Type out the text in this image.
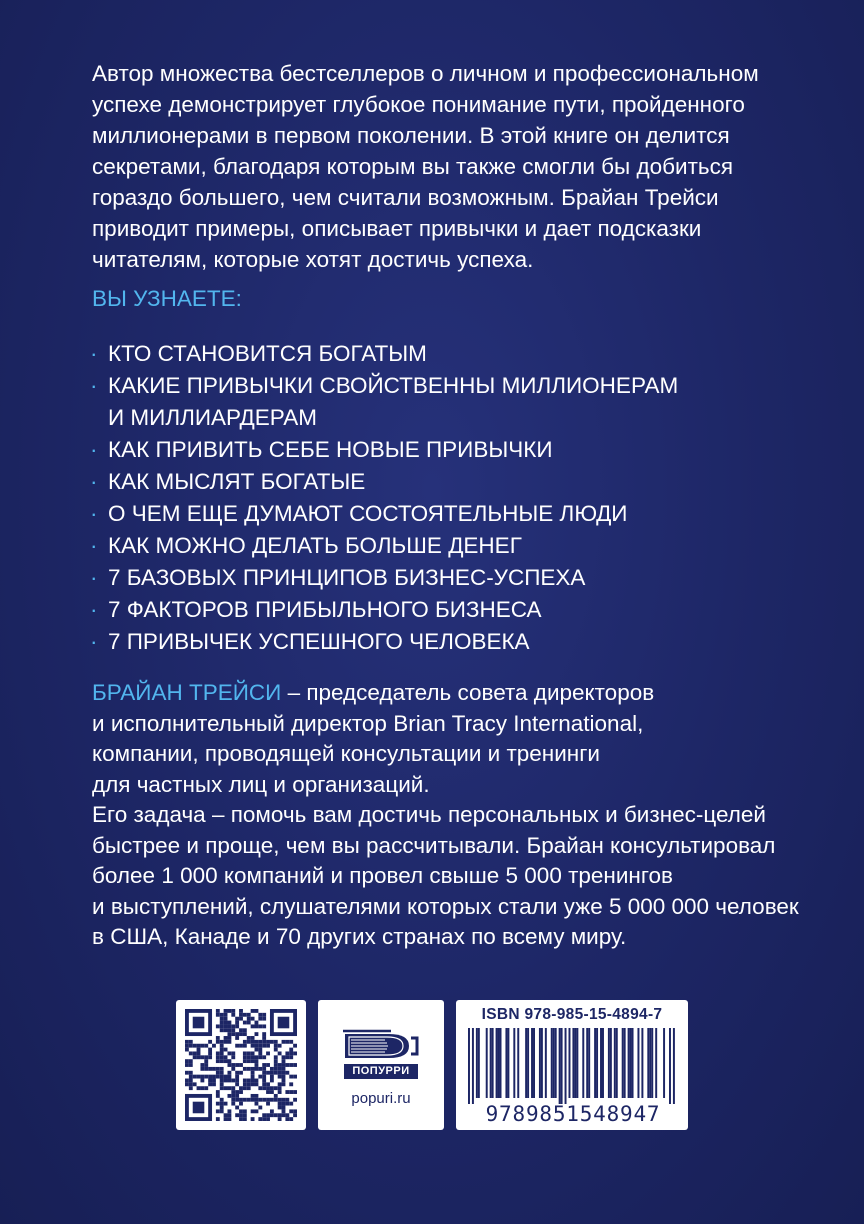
Автор множества бестселлеров о личном и профессиональном
успехе демонстрирует глубокое понимание пути, пройденного
миллионерами в первом поколении. В этой книге он делится
секретами, благодаря которым вы также смогли бы добиться
гораздо большего, чем считали возможным. Брайан Трейси
приводит примеры, описывает привычки и дает подсказки
читателям, которые хотят достичь успеха.
ВЫ УЗНАЕТЕ:
· КТО СТАНОВИТСЯ БОГАТЫМ
· КАКИЕ ПРИВЫЧКИ СВОЙСТВЕННЫ МИЛЛИОНЕРАМ
И МИЛЛИАРДЕРАМ
· КАК ПРИВИТЬ СЕБЕ НОВЫЕ ПРИВЫЧКИ
· КАК МЫСЛЯТ БОГАТЫЕ
· О ЧЕМ ЕЩЕ ДУМАЮТ СОСТОЯТЕЛЬНЫЕ ЛЮДИ
· КАК МОЖНО ДЕЛАТЬ БОЛЬШЕ ДЕНЕГ
· 7 БАЗОВЫХ ПРИНЦИПОВ БИЗНЕС-УСПЕХА
· 7 ФАКТОРОВ ПРИБЫЛЬНОГО БИЗНЕСА
· 7 ПРИВЫЧЕК УСПЕШНОГО ЧЕЛОВЕКА
БРАЙАН ТРЕЙСИ – председатель совета директоров
и исполнительный директор Brian Tracy International,
компании, проводящей консультации и тренинги
для частных лиц и организаций.
Его задача – помочь вам достичь персональных и бизнес-целей
быстрее и проще, чем вы рассчитывали. Брайан консультировал
более 1 000 компаний и провел свыше 5 000 тренингов
и выступлений, слушателями которых стали уже 5 000 000 человек
в США, Канаде и 70 других странах по всему миру.
ПОПУРРИ
popuri.ru
ISBN 978-985-15-4894-7
9789851548947
